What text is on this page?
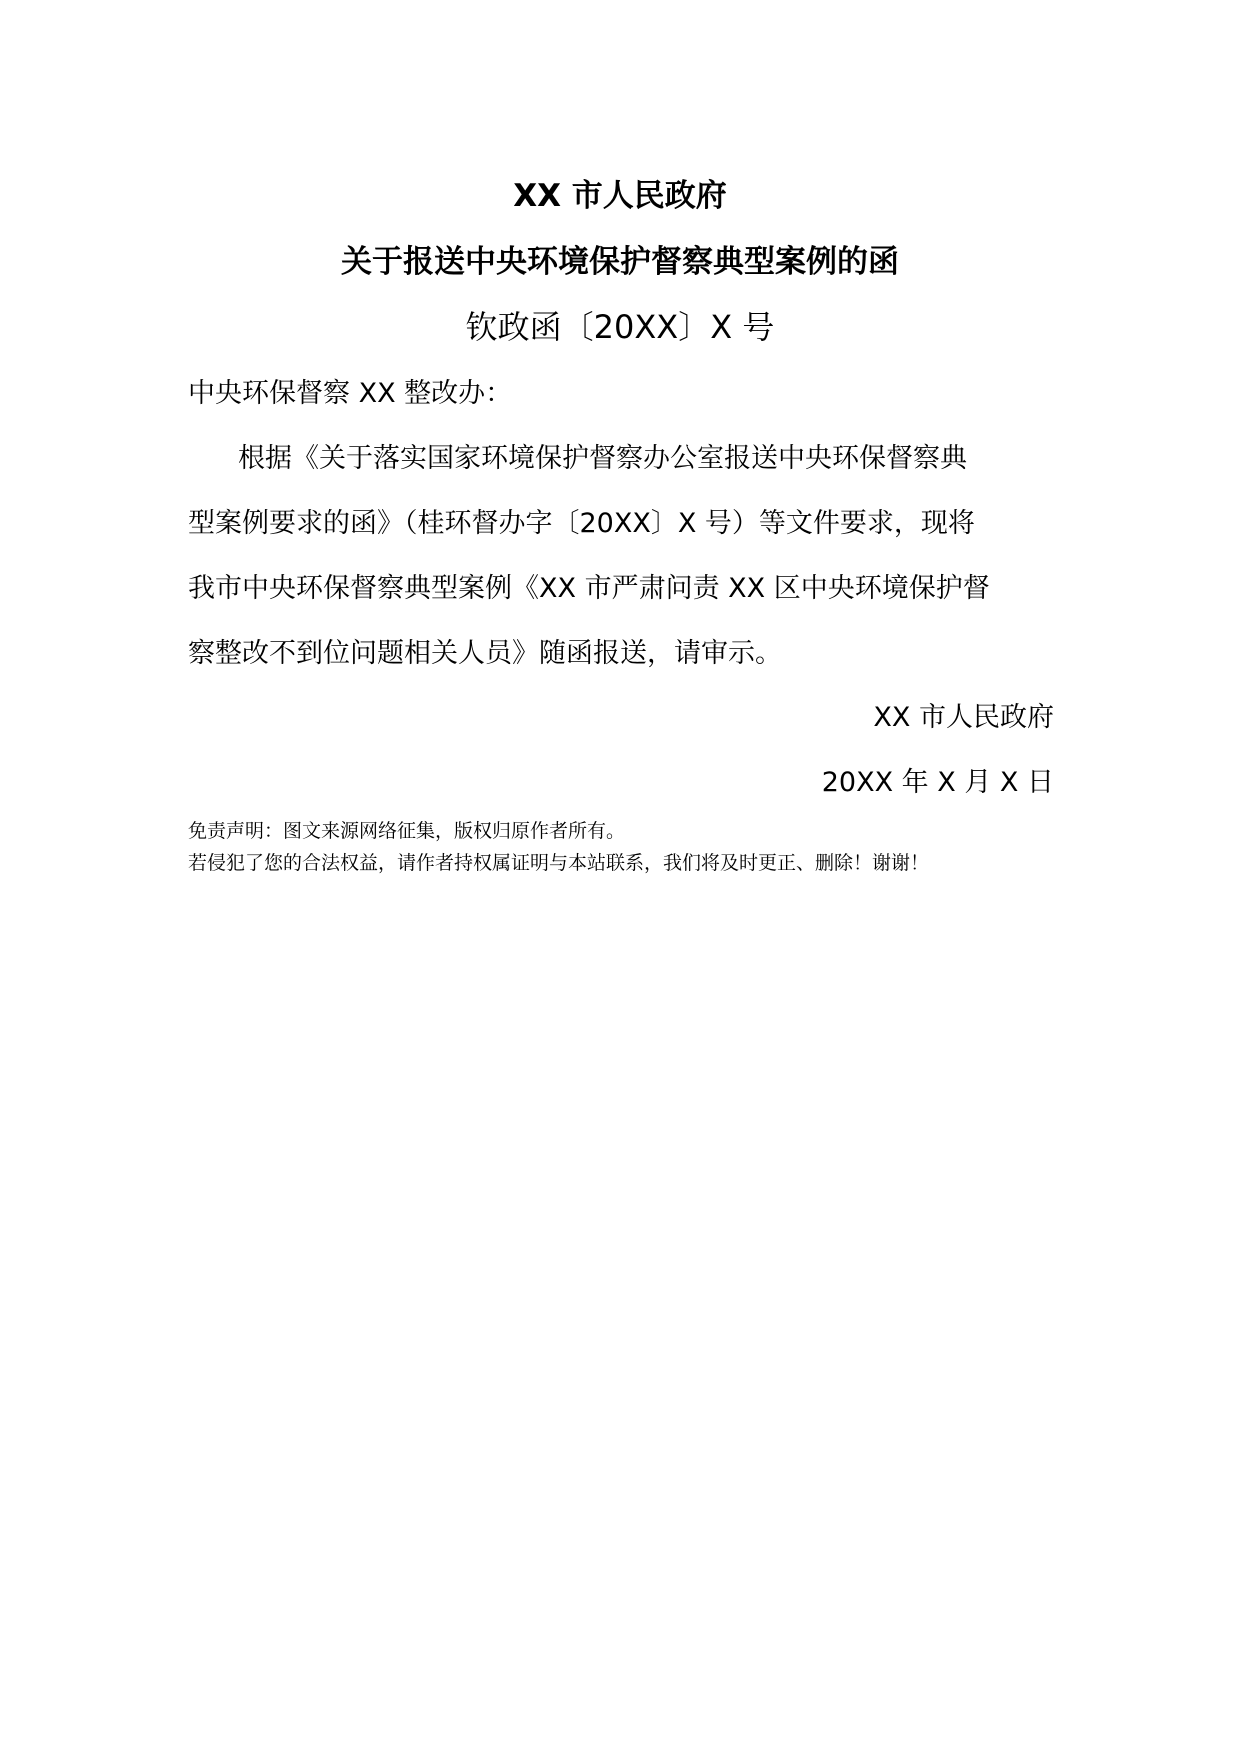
XX 市人民政府
关于报送中央环境保护督察典型案例的函
钦政函〔20XX〕X 号
中央环保督察 XX 整改办：
根据《关于落实国家环境保护督察办公室报送中央环保督察典
型案例要求的函》（桂环督办字〔20XX〕X 号）等文件要求，现将
我市中央环保督察典型案例《XX 市严肃问责 XX 区中央环境保护督
察整改不到位问题相关人员》随函报送，请审示。
XX 市人民政府
20XX 年 X 月 X 日
免责声明：图文来源网络征集，版权归原作者所有。
若侵犯了您的合法权益，请作者持权属证明与本站联系，我们将及时更正、删除！谢谢！
